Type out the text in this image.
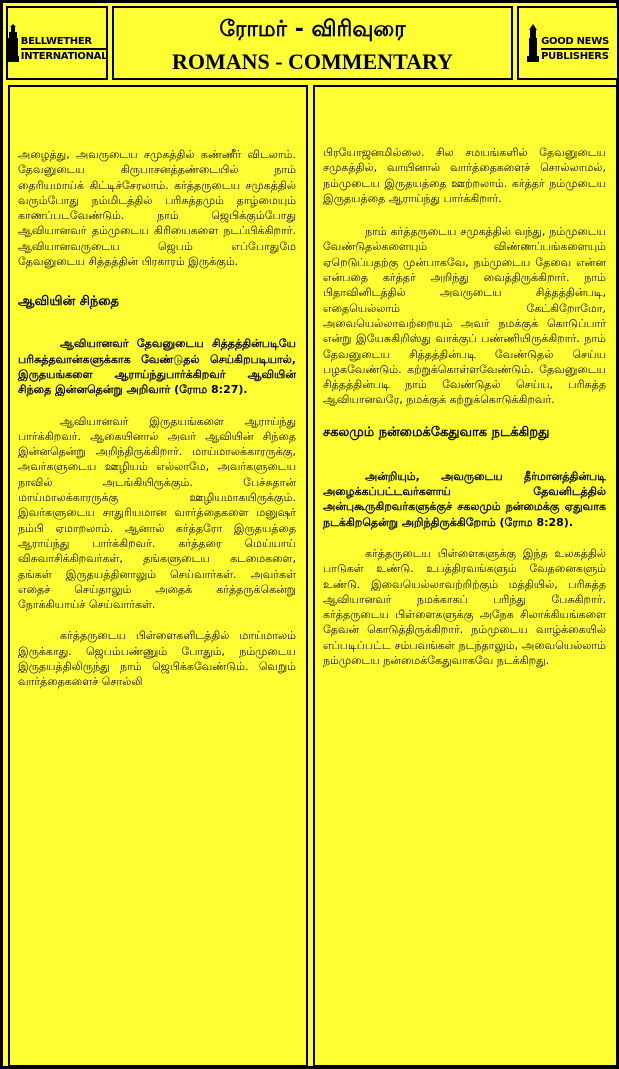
BELLWETHER
INTERNATIONAL
ரோமர் - விரிவுரை
ROMANS - COMMENTARY
GOOD NEWS
PUBLISHERS

அழைத்து, அவருடைய சமுகத்தில் கண்ணீர் விடலாம். தேவனுடைய கிருபாசனத்தண்டையில் நாம் தைரியமாய்க் கிட்டிச்சேரலாம். கர்த்தருடைய சமுகத்தில் வரும்போது நம்மிடத்தில் பரிசுத்தமும் தாழ்மையும் காணப்படவேண்டும். நாம் ஜெபிக்கும்போது ஆவியானவர் தம்முடைய கிரியைகளை நடப்பிக்கிறார். ஆவியானவருடைய ஜெபம் எப்போதுமே தேவனுடைய சித்தத்தின் பிரகாரம் இருக்கும்.

ஆவியின் சிந்தை

ஆவியானவர் தேவனுடைய சித்தத்தின்படியே பரிசுத்தவான்களுக்காக வேண்டுதல் செய்கிறபடியால், இருதயங்களை ஆராய்ந்துபார்க்கிறவர் ஆவியின் சிந்தை இன்னதென்று அறிவார் (ரோம 8:27).

ஆவியானவர் இருதயங்களை ஆராய்ந்து பார்க்கிறவர். ஆகையினால் அவர் ஆவியின் சிந்தை இன்னதென்று அறிந்திருக்கிறார். மாய்மாலக்காரருக்கு, அவர்களுடைய ஊழியம் எல்லாமே, அவர்களுடைய நாவில் அடங்கியிருக்கும். பேச்சுதான் மாய்மாலக்காரருக்கு ஊழியமாகயிருக்கும். இவர்களுடைய சாதுரியமான வார்த்தைகளை மனுஷர் நம்பி ஏமாறலாம். ஆனால் கர்த்தரோ இருதயத்தை ஆராய்ந்து பார்க்கிறவர். கர்த்தரை மெய்யாய் விசுவாசிக்கிறவர்கள், தங்களுடைய கடமைகளை, தங்கள் இருதயத்தினாலும் செய்வார்கள். அவர்கள் எதைச் செய்தாலும் அதைக் கர்த்தருக்கென்று நோக்கியாய்ச் செய்வார்கள்.

கர்த்தருடைய பிள்ளைகளிடத்தில் மாய்மாலம் இருக்காது. ஜெபம்பண்ணும் போதும், நம்முடைய இருதயத்திலிருந்து நாம் ஜெபிக்கவேண்டும். வெறும் வார்த்தைகளைச் சொல்லி

பிரயோஜனமில்லை. சில சமயங்களில் தேவனுடைய சமுகத்தில், வாயினால் வார்த்தைகளைச் சொல்லாமல், நம்முடைய இருதயத்தை ஊற்றலாம். கர்த்தர் நம்முடைய இருதயத்தை ஆராய்ந்து பார்க்கிறார்.

நாம் கர்த்தருடைய சமுகத்தில் வந்து, நம்முடைய வேண்டுதல்களையும் விண்ணப்பங்களையும் ஏறெடுப்பதற்கு முன்பாகவே, நம்முடைய தேவை என்ன என்பதை கர்த்தர் அறிந்து வைத்திருக்கிறார். நாம் பிதாவினிடத்தில் அவருடைய சித்தத்தின்படி, எதையெல்லாம் கேட்கிறோமோ, அவையெல்லாவற்றையும் அவர் நமக்குக் கொடுப்பார் என்று இயேசுகிறிஸ்து வாக்குப் பண்ணியிருக்கிறார். நாம் தேவனுடைய சித்தத்தின்படி வேண்டுதல் செய்ய பழகவேண்டும். கற்றுக்கொள்ளவேண்டும். தேவனுடைய சித்தத்தின்படி நாம் வேண்டுதல் செய்ய, பரிசுத்த ஆவியானவரே, நமக்குக் கற்றுக்கொடுக்கிறவர்.

சகலமும் நன்மைக்கேதுவாக நடக்கிறது

அன்றியும், அவருடைய தீர்மானத்தின்படி அழைக்கப்பட்டவர்களாய் தேவனிடத்தில் அன்புகூருகிறவர்களுக்குச் சகலமும் நன்மைக்கு ஏதுவாக நடக்கிறதென்று அறிந்திருக்கிறோம் (ரோம 8:28).

கர்த்தருடைய பிள்ளைகளுக்கு இந்த உலகத்தில் பாடுகள் உண்டு. உபத்திரவங்களும் வேதனைகளும் உண்டு. இவையெல்லாவற்றிற்கும் மத்தியில், பரிசுத்த ஆவியானவர் நமக்காகப் பரிந்து பேசுகிறார். கர்த்தருடைய பிள்ளைகளுக்கு அநேக சிலாக்கியங்களை தேவன் கொடுத்திருக்கிறார். நம்முடைய வாழ்க்கையில் எப்படிப்பட்ட சம்பவங்கள் நடந்தாலும், அவையெல்லாம் நம்முடைய நன்மைக்கேதுவாகவே நடக்கிறது.
